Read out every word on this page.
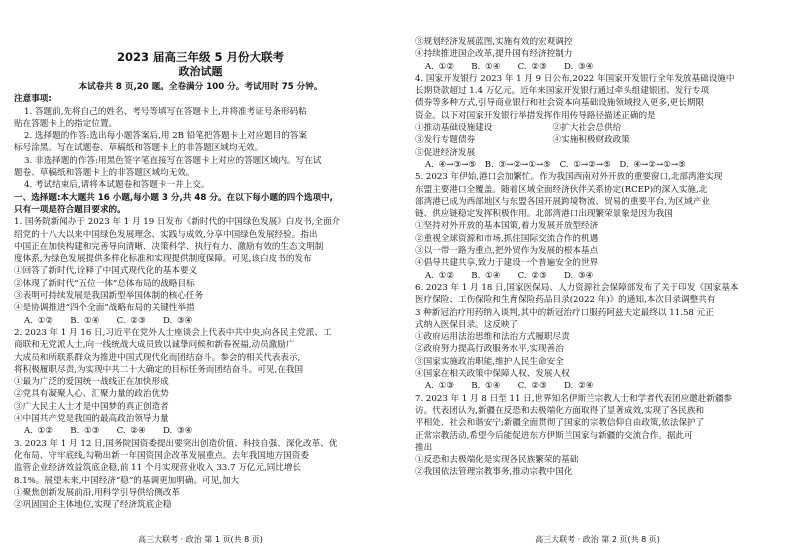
2023 届高三年级 5 月份大联考
政治试题
本试卷共 8 页,20 题。全卷满分 100 分。考试用时 75 分钟。
注意事项:
1. 答题前,先将自己的姓名、考号等填写在答题卡上,并将准考证号条形码粘
贴在答题卡上的指定位置。
2. 选择题的作答:选出每小题答案后,用 2B 铅笔把答题卡上对应题目的答案
标号涂黑。写在试题卷、草稿纸和答题卡上的非答题区域均无效。
3. 非选择题的作答:用黑色签字笔直接写在答题卡上对应的答题区域内。写在试
题卷、草稿纸和答题卡上的非答题区域均无效。
4. 考试结束后,请将本试题卷和答题卡一并上交。
一、选择题:本大题共 16 小题,每小题 3 分,共 48 分。在以下每小题的四个选项中,
只有一项是符合题目要求的。
1. 国务院新闻办于 2023 年 1 月 19 日发布《新时代的中国绿色发展》白皮书,全面介
绍党的十八大以来中国绿色发展理念、实践与成效,分享中国绿色发展经验。指出
中国正在加快构建和完善导向清晰、决策科学、执行有力、激励有效的生态文明制
度体系,为绿色发展提供多样化标准和实现提供制度保障。可见,该白皮书的发布
①回答了新时代,诠释了中国式现代化的基本要义
②体现了新时代“五位一体”总体布局的战略目标
③表明可持续发展是我国新型举国体制的核心任务
④是协调推进“四个全面”战略布局的关键性举措
A. ①②　　B. ①④　　C. ②③　　D. ③④
2. 2023 年 1 月 16 日,习近平在党外人士座谈会上代表中共中央,向各民主党派、工
商联和无党派人士,向一线统战大成员致以诚挚问候和新春祝福,动员激励广
大成员和所联系群众为推进中国式现代化而团结奋斗。参会的相关代表表示,
将积极履职尽责,为实现中共二十大确定的目标任务而团结奋斗。可见,在我国
①最为广泛的爱国统一战线正在加快形成
②党具有凝聚人心、汇聚力量的政治优势
③广大民主人士才是中国梦的真正创造者
④中国共产党是我国的最高政治领导力量
A. ①②　　B. ①③　　C. ②④　　D. ③④
3. 2023 年 1 月 12 日,国务院国资委提出要突出创造价值、科技自强、深化改革、优
化布局、守牢底线,勾勒出新一年国资国企改革发展重点。去年我国地方国资委
监管企业经济效益筑底企稳,前 11 个月实现营业收入 33.7 万亿元,同比增长
8.1%。展望未来,中国经济“稳”的基调更加明确。可见,加大
①聚焦创新发展前沿,用科学引导供给侧改革
②巩固国企主体地位,实现了经济筑底企稳
高三大联考 · 政治 第 1 页(共 8 页)
③规划经济发展蓝图,实施有效的宏观调控
④持续推进国企改革,提升国有经济控制力
A. ①②　　B. ①④　　C. ②③　　D. ③④
4. 国家开发银行 2023 年 1 月 9 日公布,2022 年国家开发银行全年发放基础设施中
长期贷款超过 1.4 万亿元。近年来国家开发银行通过牵头组建银团、发行专项
债券等多种方式,引导商业银行和社会资本向基础设施领域投入更多,更长期限
资金。以下对国家开发银行举措发挥作用传导路径描述正确的是
①推动基础设施建设　　　　　　　②扩大社会总供给
③发行专题债券　　　　　　　　　④实施积极财政政策
⑤促进经济发展
A. ④→③→⑤　B. ③→②→①→⑤　C. ①→②→⑤　D. ④→②→①→⑤
5. 2023 年伊始,港口会加繁忙。作为我国西南对外开放的重要窗口,北部湾港实现
东盟主要港口全覆盖。随着区域全面经济伙伴关系协定(RCEP)的深入实施,北
部湾港已成为西部地区与东盟各国开展跨境物流、贸易的重要平台,为区域产业
链、供应链稳定发挥积极作用。北部湾港口出现繁荣景象是因为我国
①坚持对外开放的基本国策,着力发展开放型经济
②重视全球资源和市场,抓住国际交流合作的机遇
③以一带一路为重点,把外贸作为发展的根本基点
④倡导共建共享,致力于建设一个普遍安全的世界
A. ①②　　B. ①④　　C. ②③　　D. ③④
6. 2023 年 1 月 18 日,国家医保局、人力资源社会保障部发布了关于印发《国家基本
医疗保险、工伤保险和生育保险药品目录(2022 年)》的通知,本次目录调整共有
3 种新冠治疗用药纳入谈判,其中的新冠治疗口服药阿兹夫定最终以 11.58 元正
式纳入医保目录。这反映了
①政府运用法治思维和法治方式履职尽责
②政府努力提高行政服务水平,实现善治
③国家实施政治职能,维护人民生命安全
④国家在相关政策中保障人权、发展人权
A. ①③　　B. ①④　　C. ②③　　D. ②④
7. 2023 年 1 月 8 日至 11 日,世界知名伊斯兰宗教人士和学者代表团应邀赴新疆参
访。代表团认为,新疆在反恐和去极端化方面取得了显著成效,实现了各民族和
平相处、社会和谐安宁;新疆全面贯彻了国家的宗教信仰自由政策,依法保护了
正常宗教活动,希望今后能促进东方伊斯兰国家与新疆的交流合作。据此可
推出
①反恐和去极端化是实现各民族繁荣的基础
②我国依法管理宗教事务,推动宗教中国化
高三大联考 · 政治 第 2 页(共 8 页)
